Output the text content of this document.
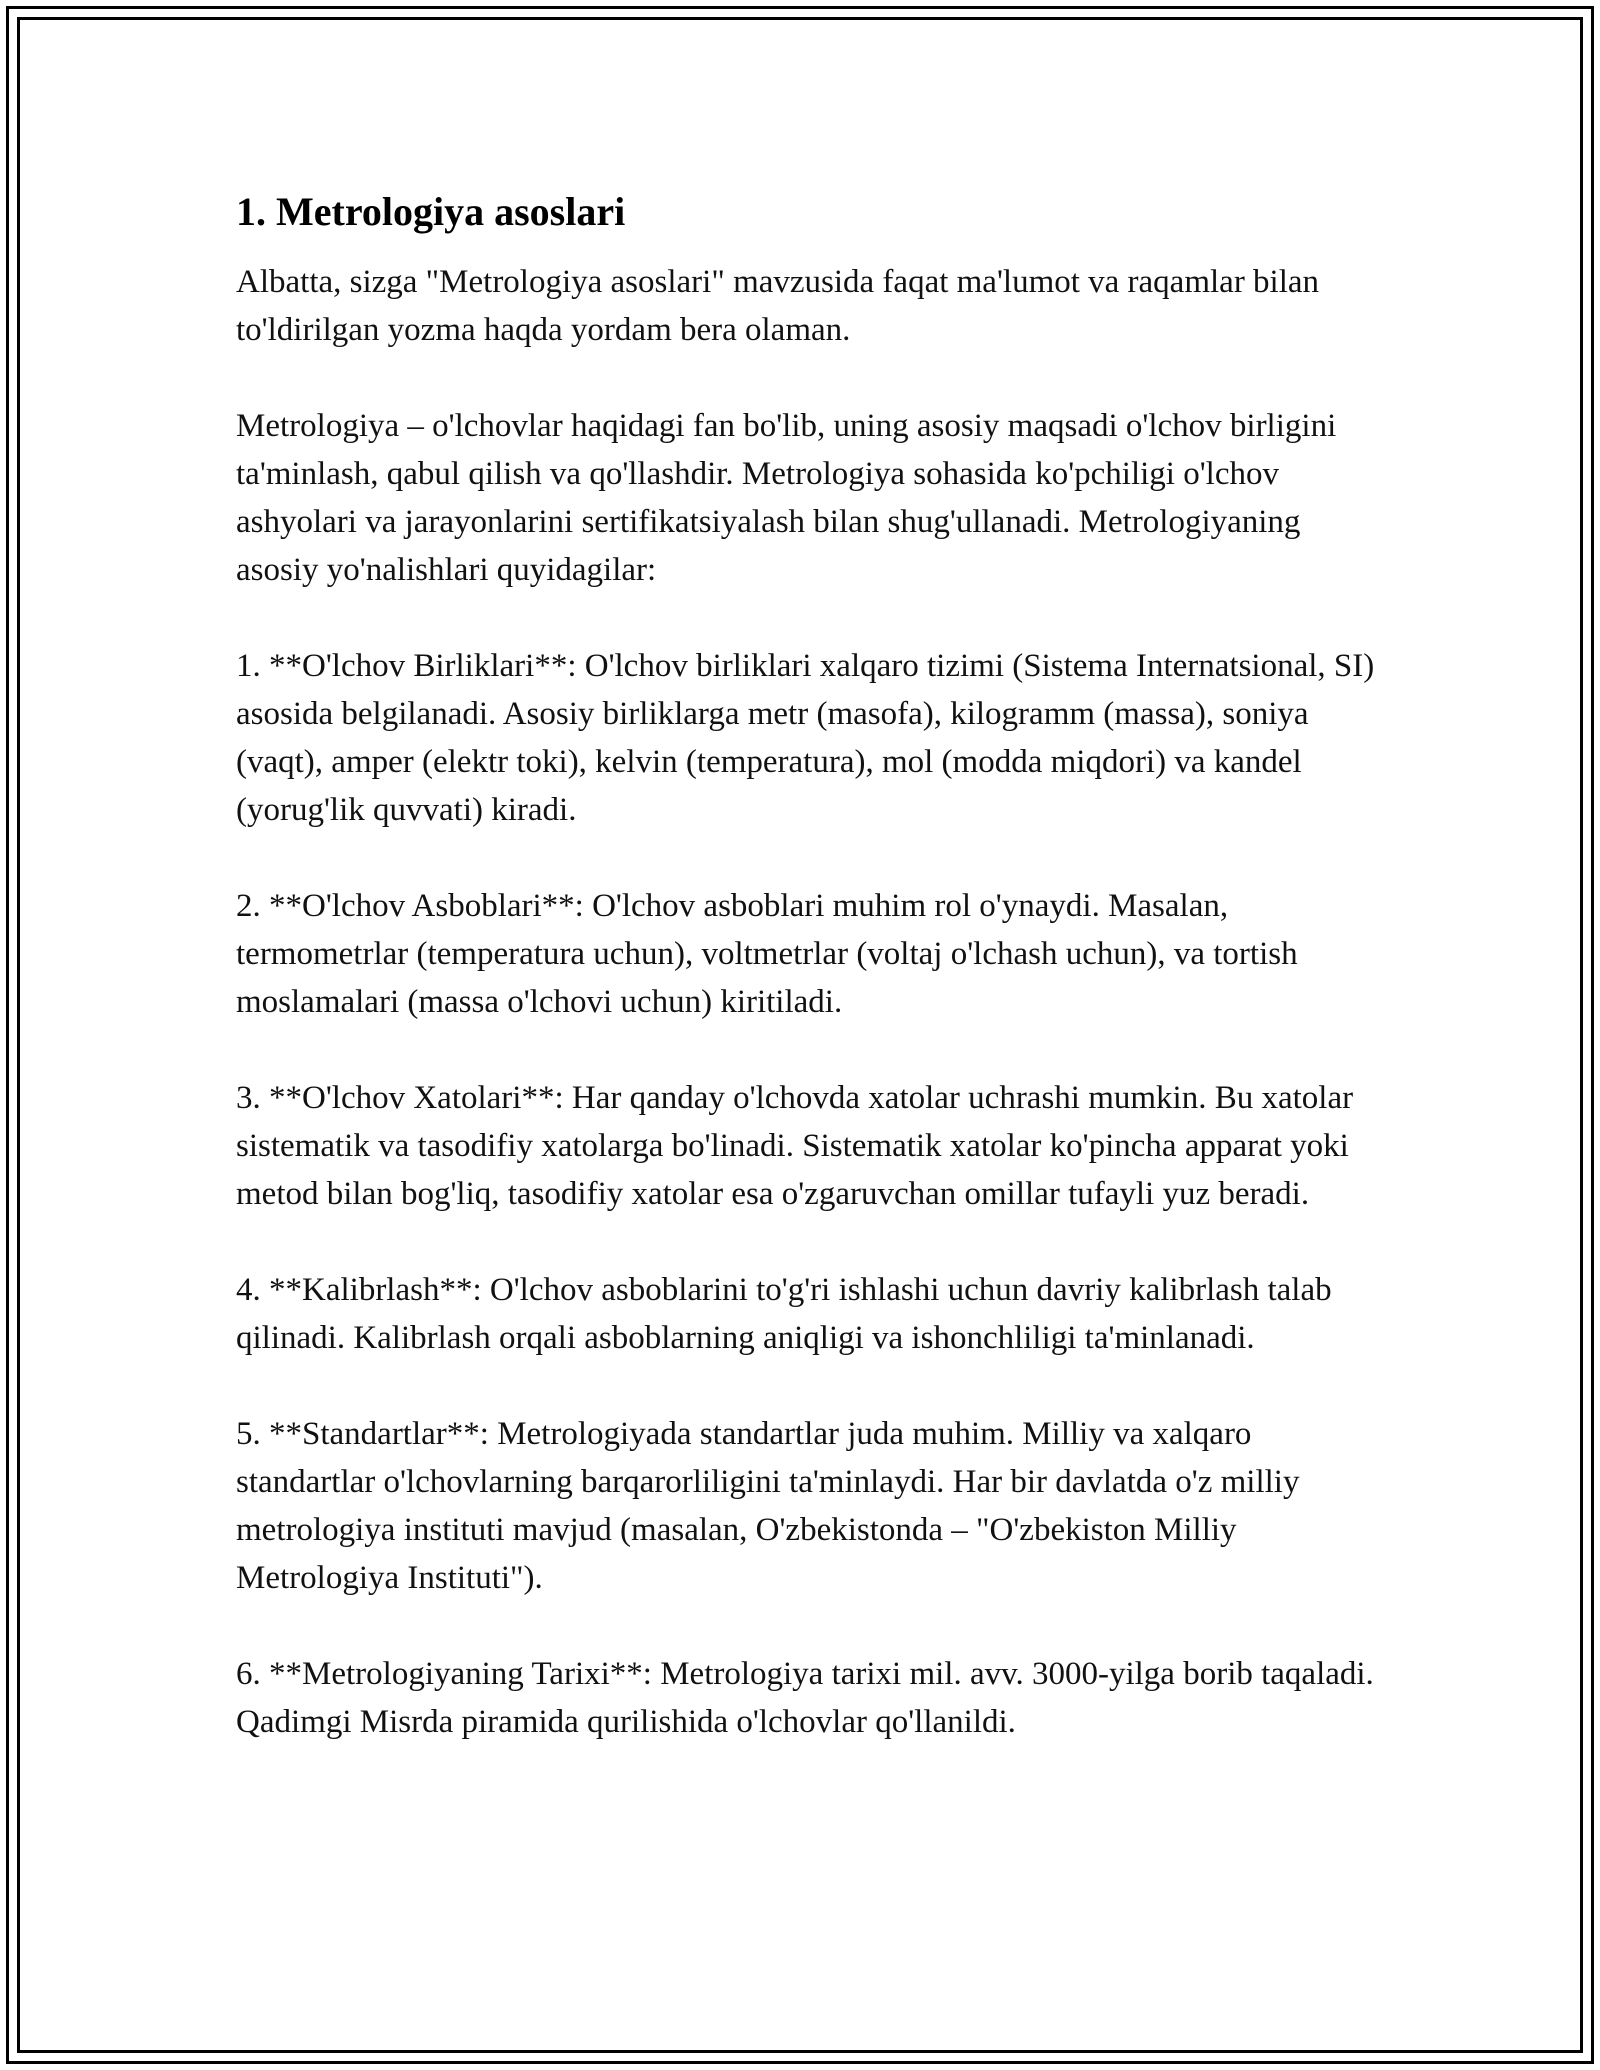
1. Metrologiya asoslari

Albatta, sizga "Metrologiya asoslari" mavzusida faqat ma'lumot va raqamlar bilan to'ldirilgan yozma haqda yordam bera olaman.

Metrologiya – o'lchovlar haqidagi fan bo'lib, uning asosiy maqsadi o'lchov birligini ta'minlash, qabul qilish va qo'llashdir. Metrologiya sohasida ko'pchiligi o'lchov ashyolari va jarayonlarini sertifikatsiyalash bilan shug'ullanadi. Metrologiyaning asosiy yo'nalishlari quyidagilar:

1. **O'lchov Birliklari**: O'lchov birliklari xalqaro tizimi (Sistema Internatsional, SI) asosida belgilanadi. Asosiy birliklarga metr (masofa), kilogramm (massa), soniya (vaqt), amper (elektr toki), kelvin (temperatura), mol (modda miqdori) va kandel (yorug'lik quvvati) kiradi.

2. **O'lchov Asboblari**: O'lchov asboblari muhim rol o'ynaydi. Masalan, termometrlar (temperatura uchun), voltmetrlar (voltaj o'lchash uchun), va tortish moslamalari (massa o'lchovi uchun) kiritiladi.

3. **O'lchov Xatolari**: Har qanday o'lchovda xatolar uchrashi mumkin. Bu xatolar sistematik va tasodifiy xatolarga bo'linadi. Sistematik xatolar ko'pincha apparat yoki metod bilan bog'liq, tasodifiy xatolar esa o'zgaruvchan omillar tufayli yuz beradi.

4. **Kalibrlash**: O'lchov asboblarini to'g'ri ishlashi uchun davriy kalibrlash talab qilinadi. Kalibrlash orqali asboblarning aniqligi va ishonchliligi ta'minlanadi.

5. **Standartlar**: Metrologiyada standartlar juda muhim. Milliy va xalqaro standartlar o'lchovlarning barqarorliligini ta'minlaydi. Har bir davlatda o'z milliy metrologiya instituti mavjud (masalan, O'zbekistonda – "O'zbekiston Milliy Metrologiya Instituti").

6. **Metrologiyaning Tarixi**: Metrologiya tarixi mil. avv. 3000-yilga borib taqaladi. Qadimgi Misrda piramida qurilishida o'lchovlar qo'llanildi.
